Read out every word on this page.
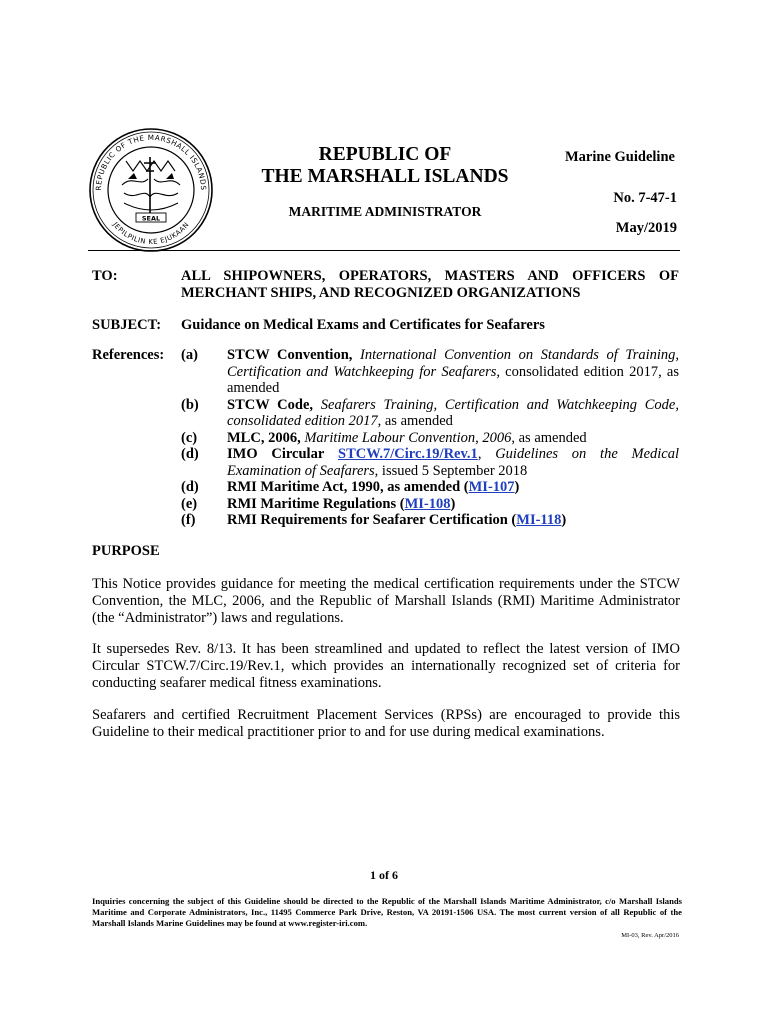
REPUBLIC OF THE MARSHALL ISLANDS
JEPILPILIN KE EJUKAAN
SEAL
REPUBLIC OF
THE MARSHALL ISLANDS
MARITIME ADMINISTRATOR
Marine Guideline
No. 7-47-1
May/2019
TO:	ALL SHIPOWNERS, OPERATORS, MASTERS AND OFFICERS OF MERCHANT SHIPS, AND RECOGNIZED ORGANIZATIONS
SUBJECT: Guidance on Medical Exams and Certificates for Seafarers
References: (a)	STCW Convention, International Convention on Standards of Training, Certification and Watchkeeping for Seafarers, consolidated edition 2017, as amended
(b)	STCW Code, Seafarers Training, Certification and Watchkeeping Code, consolidated edition 2017, as amended
(c)	MLC, 2006, Maritime Labour Convention, 2006, as amended
(d)	IMO Circular STCW.7/Circ.19/Rev.1, Guidelines on the Medical Examination of Seafarers, issued 5 September 2018
(d)	RMI Maritime Act, 1990, as amended (MI-107)
(e)	RMI Maritime Regulations (MI-108)
(f)	RMI Requirements for Seafarer Certification (MI-118)
PURPOSE
This Notice provides guidance for meeting the medical certification requirements under the STCW Convention, the MLC, 2006, and the Republic of Marshall Islands (RMI) Maritime Administrator (the “Administrator”) laws and regulations.
It supersedes Rev. 8/13. It has been streamlined and updated to reflect the latest version of IMO Circular STCW.7/Circ.19/Rev.1, which provides an internationally recognized set of criteria for conducting seafarer medical fitness examinations.
Seafarers and certified Recruitment Placement Services (RPSs) are encouraged to provide this Guideline to their medical practitioner prior to and for use during medical examinations.
1 of 6
Inquiries concerning the subject of this Guideline should be directed to the Republic of the Marshall Islands Maritime Administrator, c/o Marshall Islands Maritime and Corporate Administrators, Inc., 11495 Commerce Park Drive, Reston, VA 20191-1506 USA. The most current version of all Republic of the Marshall Islands Marine Guidelines may be found at www.register-iri.com.
MI-03, Rev. Apr/2016
